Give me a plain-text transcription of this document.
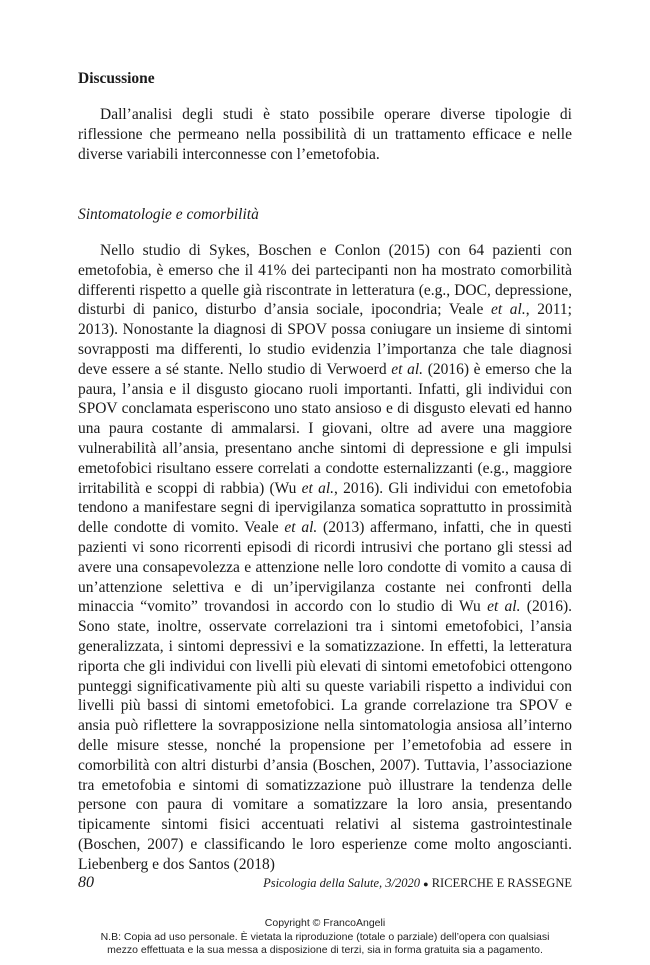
Discussione

Dall’analisi degli studi è stato possibile operare diverse tipologie di riflessione che permeano nella possibilità di un trattamento efficace e nelle diverse variabili interconnesse con l’emetofobia.

Sintomatologie e comorbilità

Nello studio di Sykes, Boschen e Conlon (2015) con 64 pazienti con emetofobia, è emerso che il 41% dei partecipanti non ha mostrato comorbilità differenti rispetto a quelle già riscontrate in letteratura (e.g., DOC, depressione, disturbi di panico, disturbo d’ansia sociale, ipocondria; Veale et al., 2011; 2013). Nonostante la diagnosi di SPOV possa coniugare un insieme di sintomi sovrapposti ma differenti, lo studio evidenzia l’importanza che tale diagnosi deve essere a sé stante. Nello studio di Verwoerd et al. (2016) è emerso che la paura, l’ansia e il disgusto giocano ruoli importanti. Infatti, gli individui con SPOV conclamata esperiscono uno stato ansioso e di disgusto elevati ed hanno una paura costante di ammalarsi. I giovani, oltre ad avere una maggiore vulnerabilità all’ansia, presentano anche sintomi di depressione e gli impulsi emetofobici risultano essere correlati a condotte esternalizzanti (e.g., maggiore irritabilità e scoppi di rabbia) (Wu et al., 2016). Gli individui con emetofobia tendono a manifestare segni di ipervigilanza somatica soprattutto in prossimità delle condotte di vomito. Veale et al. (2013) affermano, infatti, che in questi pazienti vi sono ricorrenti episodi di ricordi intrusivi che portano gli stessi ad avere una consapevolezza e attenzione nelle loro condotte di vomito a causa di un’attenzione selettiva e di un’ipervigilanza costante nei confronti della minaccia “vomito” trovandosi in accordo con lo studio di Wu et al. (2016). Sono state, inoltre, osservate correlazioni tra i sintomi emetofobici, l’ansia generalizzata, i sintomi depressivi e la somatizzazione. In effetti, la letteratura riporta che gli individui con livelli più elevati di sintomi emetofobici ottengono punteggi significativamente più alti su queste variabili rispetto a individui con livelli più bassi di sintomi emetofobici. La grande correlazione tra SPOV e ansia può riflettere la sovrapposizione nella sintomatologia ansiosa all’interno delle misure stesse, nonché la propensione per l’emetofobia ad essere in comorbilità con altri disturbi d’ansia (Boschen, 2007). Tuttavia, l’associazione tra emetofobia e sintomi di somatizzazione può illustrare la tendenza delle persone con paura di vomitare a somatizzare la loro ansia, presentando tipicamente sintomi fisici accentuati relativi al sistema gastrointestinale (Boschen, 2007) e classificando le loro esperienze come molto angoscianti. Liebenberg e dos Santos (2018)

80	Psicologia della Salute, 3/2020 ● RICERCHE E RASSEGNE
Copyright © FrancoAngeli
N.B: Copia ad uso personale. È vietata la riproduzione (totale o parziale) dell’opera con qualsiasi
mezzo effettuata e la sua messa a disposizione di terzi, sia in forma gratuita sia a pagamento.
